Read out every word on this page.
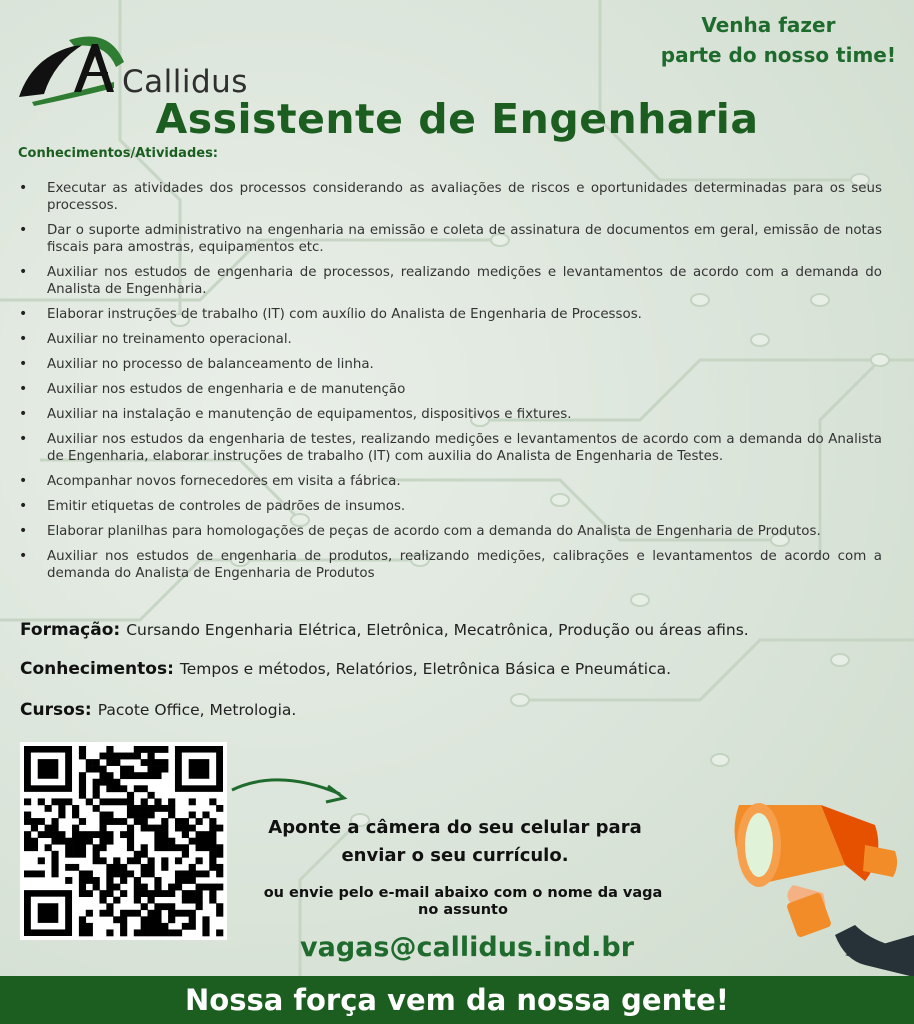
Callidus
Venha fazer
parte do nosso time!
Assistente de Engenharia
Conhecimentos/Atividades:
• Executar as atividades dos processos considerando as avaliações de riscos e oportunidades determinadas para os seus processos.
• Dar o suporte administrativo na engenharia na emissão e coleta de assinatura de documentos em geral, emissão de notas fiscais para amostras, equipamentos etc.
• Auxiliar nos estudos de engenharia de processos, realizando medições e levantamentos de acordo com a demanda do Analista de Engenharia.
• Elaborar instruções de trabalho (IT) com auxílio do Analista de Engenharia de Processos.
• Auxiliar no treinamento operacional.
• Auxiliar no processo de balanceamento de linha.
• Auxiliar nos estudos de engenharia e de manutenção
• Auxiliar na instalação e manutenção de equipamentos, dispositivos e fixtures.
• Auxiliar nos estudos da engenharia de testes, realizando medições e levantamentos de acordo com a demanda do Analista de Engenharia, elaborar instruções de trabalho (IT) com auxilia do Analista de Engenharia de Testes.
• Acompanhar novos fornecedores em visita a fábrica.
• Emitir etiquetas de controles de padrões de insumos.
• Elaborar planilhas para homologações de peças de acordo com a demanda do Analista de Engenharia de Produtos.
• Auxiliar nos estudos de engenharia de produtos, realizando medições, calibrações e levantamentos de acordo com a demanda do Analista de Engenharia de Produtos
Formação: Cursando Engenharia Elétrica, Eletrônica, Mecatrônica, Produção ou áreas afins.
Conhecimentos: Tempos e métodos, Relatórios, Eletrônica Básica e Pneumática.
Cursos: Pacote Office, Metrologia.
Aponte a câmera do seu celular para
enviar o seu currículo.
ou envie pelo e-mail abaixo com o nome da vaga
no assunto
vagas@callidus.ind.br
Nossa força vem da nossa gente!
